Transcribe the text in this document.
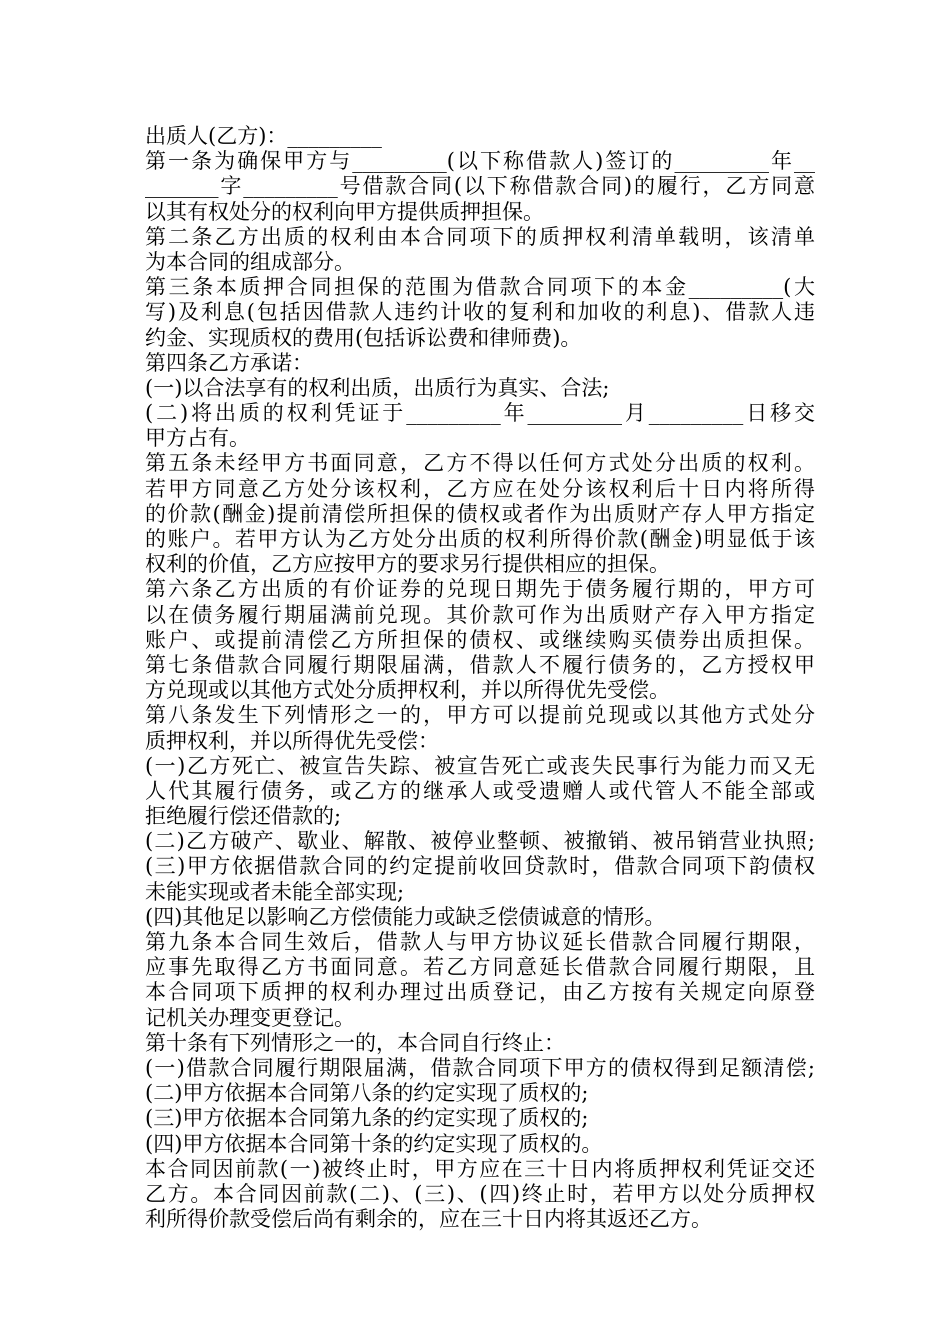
出质人(乙方)：_________

第一条为确保甲方与_________(以下称借款人)签订的_________年__

_______字_________号借款合同(以下称借款合同)的履行，乙方同意

以其有权处分的权利向甲方提供质押担保。

第二条乙方出质的权利由本合同项下的质押权利清单载明，该清单

为本合同的组成部分。

第三条本质押合同担保的范围为借款合同项下的本金_________(大

写)及利息(包括因借款人违约计收的复利和加收的利息)、借款人违

约金、实现质权的费用(包括诉讼费和律师费)。

第四条乙方承诺：

(一)以合法享有的权利出质，出质行为真实、合法;

(二)将出质的权利凭证于_________年_________月_________日移交

甲方占有。

第五条未经甲方书面同意，乙方不得以任何方式处分出质的权利。

若甲方同意乙方处分该权利，乙方应在处分该权利后十日内将所得

的价款(酬金)提前清偿所担保的债权或者作为出质财产存人甲方指定

的账户。若甲方认为乙方处分出质的权利所得价款(酬金)明显低于该

权利的价值，乙方应按甲方的要求另行提供相应的担保。

第六条乙方出质的有价证券的兑现日期先于债务履行期的，甲方可

以在债务履行期届满前兑现。其价款可作为出质财产存入甲方指定

账户、或提前清偿乙方所担保的债权、或继续购买债券出质担保。

第七条借款合同履行期限届满，借款人不履行债务的，乙方授权甲

方兑现或以其他方式处分质押权利，并以所得优先受偿。

第八条发生下列情形之一的，甲方可以提前兑现或以其他方式处分

质押权利，并以所得优先受偿：

(一)乙方死亡、被宣告失踪、被宣告死亡或丧失民事行为能力而又无

人代其履行债务，或乙方的继承人或受遗赠人或代管人不能全部或

拒绝履行偿还借款的;

(二)乙方破产、歇业、解散、被停业整顿、被撤销、被吊销营业执照;

(三)甲方依据借款合同的约定提前收回贷款时，借款合同项下韵债权

未能实现或者未能全部实现;

(四)其他足以影响乙方偿债能力或缺乏偿债诚意的情形。

第九条本合同生效后，借款人与甲方协议延长借款合同履行期限，

应事先取得乙方书面同意。若乙方同意延长借款合同履行期限，且

本合同项下质押的权利办理过出质登记，由乙方按有关规定向原登

记机关办理变更登记。

第十条有下列情形之一的，本合同自行终止：

(一)借款合同履行期限届满，借款合同项下甲方的债权得到足额清偿;

(二)甲方依据本合同第八条的约定实现了质权的;

(三)甲方依据本合同第九条的约定实现了质权的;

(四)甲方依据本合同第十条的约定实现了质权的。

本合同因前款(一)被终止时，甲方应在三十日内将质押权利凭证交还

乙方。本合同因前款(二)、(三)、(四)终止时，若甲方以处分质押权

利所得价款受偿后尚有剩余的，应在三十日内将其返还乙方。
